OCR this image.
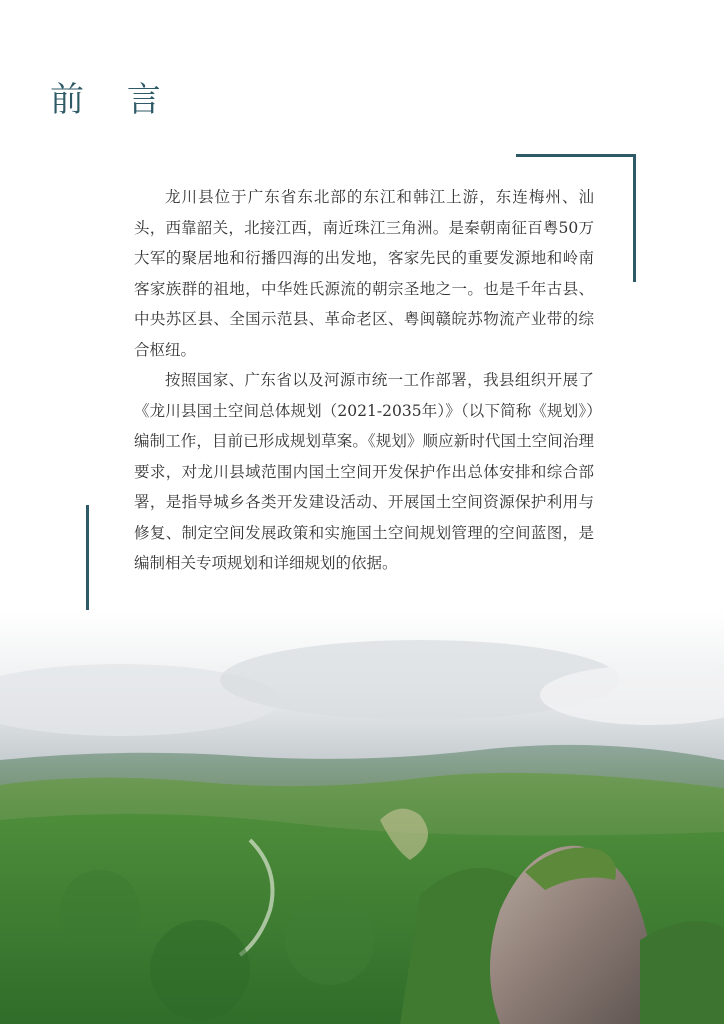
前 言

龙川县位于广东省东北部的东江和韩江上游，东连梅州、汕头，西靠韶关，北接江西，南近珠江三角洲。是秦朝南征百粤50万大军的聚居地和衍播四海的出发地，客家先民的重要发源地和岭南客家族群的祖地，中华姓氏源流的朝宗圣地之一。也是千年古县、中央苏区县、全国示范县、革命老区、粤闽赣皖苏物流产业带的综合枢纽。

按照国家、广东省以及河源市统一工作部署，我县组织开展了《龙川县国土空间总体规划（2021-2035年）》（以下简称《规划》）编制工作，目前已形成规划草案。《规划》顺应新时代国土空间治理要求，对龙川县域范围内国土空间开发保护作出总体安排和综合部署，是指导城乡各类开发建设活动、开展国土空间资源保护利用与修复、制定空间发展政策和实施国土空间规划管理的空间蓝图，是编制相关专项规划和详细规划的依据。
